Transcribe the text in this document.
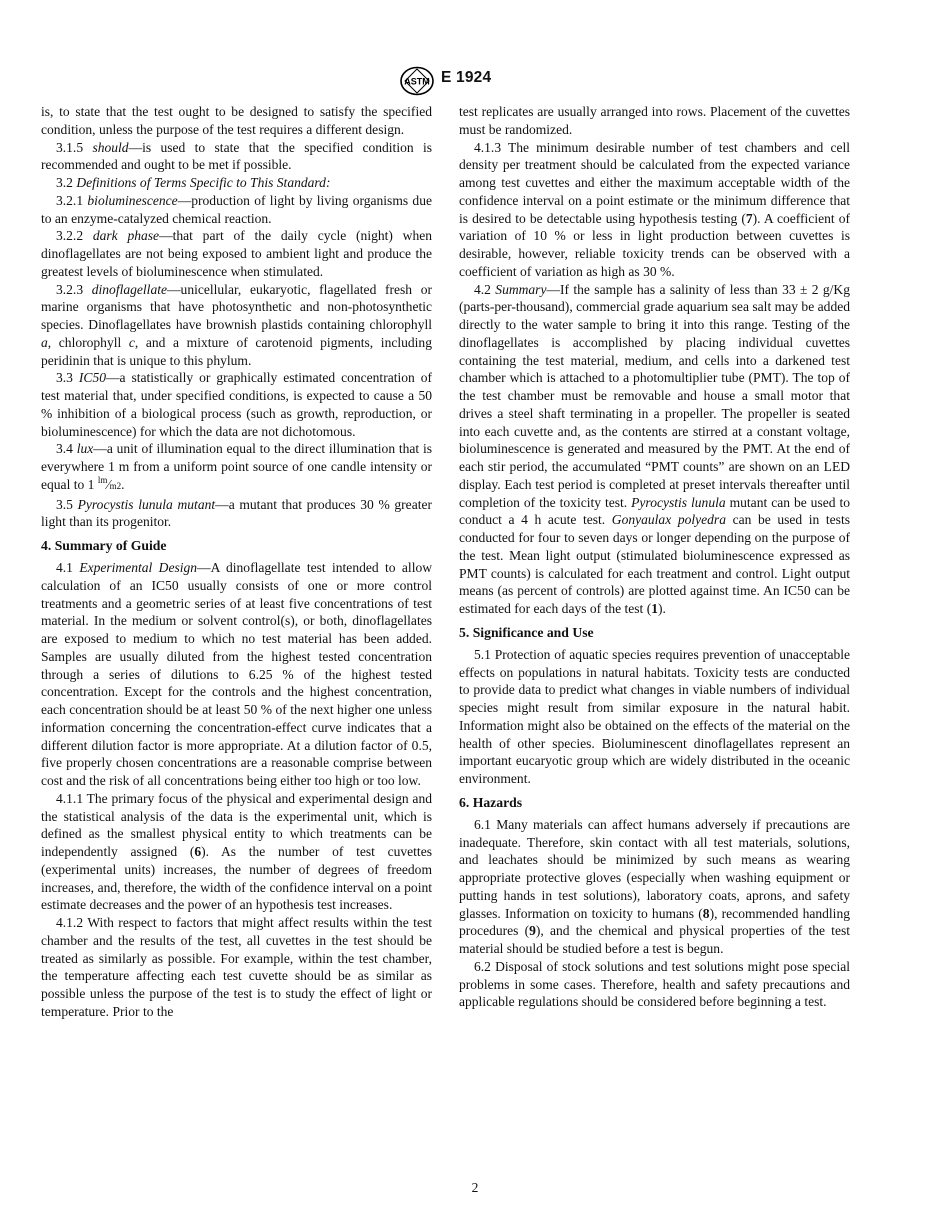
ASTM E 1924

is, to state that the test ought to be designed to satisfy the specified condition, unless the purpose of the test requires a different design.

3.1.5 should—is used to state that the specified condition is recommended and ought to be met if possible.

3.2 Definitions of Terms Specific to This Standard:

3.2.1 bioluminescence—production of light by living organisms due to an enzyme-catalyzed chemical reaction.

3.2.2 dark phase—that part of the daily cycle (night) when dinoflagellates are not being exposed to ambient light and produce the greatest levels of bioluminescence when stimulated.

3.2.3 dinoflagellate—unicellular, eukaryotic, flagellated fresh or marine organisms that have photosynthetic and non-photosynthetic species. Dinoflagellates have brownish plastids containing chlorophyll a, chlorophyll c, and a mixture of carotenoid pigments, including peridinin that is unique to this phylum.

3.3 IC50—a statistically or graphically estimated concentration of test material that, under specified conditions, is expected to cause a 50 % inhibition of a biological process (such as growth, reproduction, or bioluminescence) for which the data are not dichotomous.

3.4 lux—a unit of illumination equal to the direct illumination that is everywhere 1 m from a uniform point source of one candle intensity or equal to 1 $^{lm}$⁄m2.

3.5 Pyrocystis lunula mutant—a mutant that produces 30 % greater light than its progenitor.

4. Summary of Guide

4.1 Experimental Design—A dinoflagellate test intended to allow calculation of an IC50 usually consists of one or more control treatments and a geometric series of at least five concentrations of test material. In the medium or solvent control(s), or both, dinoflagellates are exposed to medium to which no test material has been added. Samples are usually diluted from the highest tested concentration through a series of dilutions to 6.25 % of the highest tested concentration. Except for the controls and the highest concentration, each concentration should be at least 50 % of the next higher one unless information concerning the concentration-effect curve indicates that a different dilution factor is more appropriate. At a dilution factor of 0.5, five properly chosen concentrations are a reasonable comprise between cost and the risk of all concentrations being either too high or too low.

4.1.1 The primary focus of the physical and experimental design and the statistical analysis of the data is the experimental unit, which is defined as the smallest physical entity to which treatments can be independently assigned (6). As the number of test cuvettes (experimental units) increases, the number of degrees of freedom increases, and, therefore, the width of the confidence interval on a point estimate decreases and the power of an hypothesis test increases.

4.1.2 With respect to factors that might affect results within the test chamber and the results of the test, all cuvettes in the test should be treated as similarly as possible. For example, within the test chamber, the temperature affecting each test cuvette should be as similar as possible unless the purpose of the test is to study the effect of light or temperature. Prior to the

test replicates are usually arranged into rows. Placement of the cuvettes must be randomized.

4.1.3 The minimum desirable number of test chambers and cell density per treatment should be calculated from the expected variance among test cuvettes and either the maximum acceptable width of the confidence interval on a point estimate or the minimum difference that is desired to be detectable using hypothesis testing (7). A coefficient of variation of 10 % or less in light production between cuvettes is desirable, however, reliable toxicity trends can be observed with a coefficient of variation as high as 30 %.

4.2 Summary—If the sample has a salinity of less than 33 ± 2 g/Kg (parts-per-thousand), commercial grade aquarium sea salt may be added directly to the water sample to bring it into this range. Testing of the dinoflagellates is accomplished by placing individual cuvettes containing the test material, medium, and cells into a darkened test chamber which is attached to a photomultiplier tube (PMT). The top of the test chamber must be removable and house a small motor that drives a steel shaft terminating in a propeller. The propeller is seated into each cuvette and, as the contents are stirred at a constant voltage, bioluminescence is generated and measured by the PMT. At the end of each stir period, the accumulated “PMT counts” are shown on an LED display. Each test period is completed at preset intervals thereafter until completion of the toxicity test. Pyrocystis lunula mutant can be used to conduct a 4 h acute test. Gonyaulax polyedra can be used in tests conducted for four to seven days or longer depending on the purpose of the test. Mean light output (stimulated bioluminescence expressed as PMT counts) is calculated for each treatment and control. Light output means (as percent of controls) are plotted against time. An IC50 can be estimated for each days of the test (1).

5. Significance and Use

5.1 Protection of aquatic species requires prevention of unacceptable effects on populations in natural habitats. Toxicity tests are conducted to provide data to predict what changes in viable numbers of individual species might result from similar exposure in the natural habit. Information might also be obtained on the effects of the material on the health of other species. Bioluminescent dinoflagellates represent an important eucaryotic group which are widely distributed in the oceanic environment.

6. Hazards

6.1 Many materials can affect humans adversely if precautions are inadequate. Therefore, skin contact with all test materials, solutions, and leachates should be minimized by such means as wearing appropriate protective gloves (especially when washing equipment or putting hands in test solutions), laboratory coats, aprons, and safety glasses. Information on toxicity to humans (8), recommended handling procedures (9), and the chemical and physical properties of the test material should be studied before a test is begun.

6.2 Disposal of stock solutions and test solutions might pose special problems in some cases. Therefore, health and safety precautions and applicable regulations should be considered before beginning a test.

2
